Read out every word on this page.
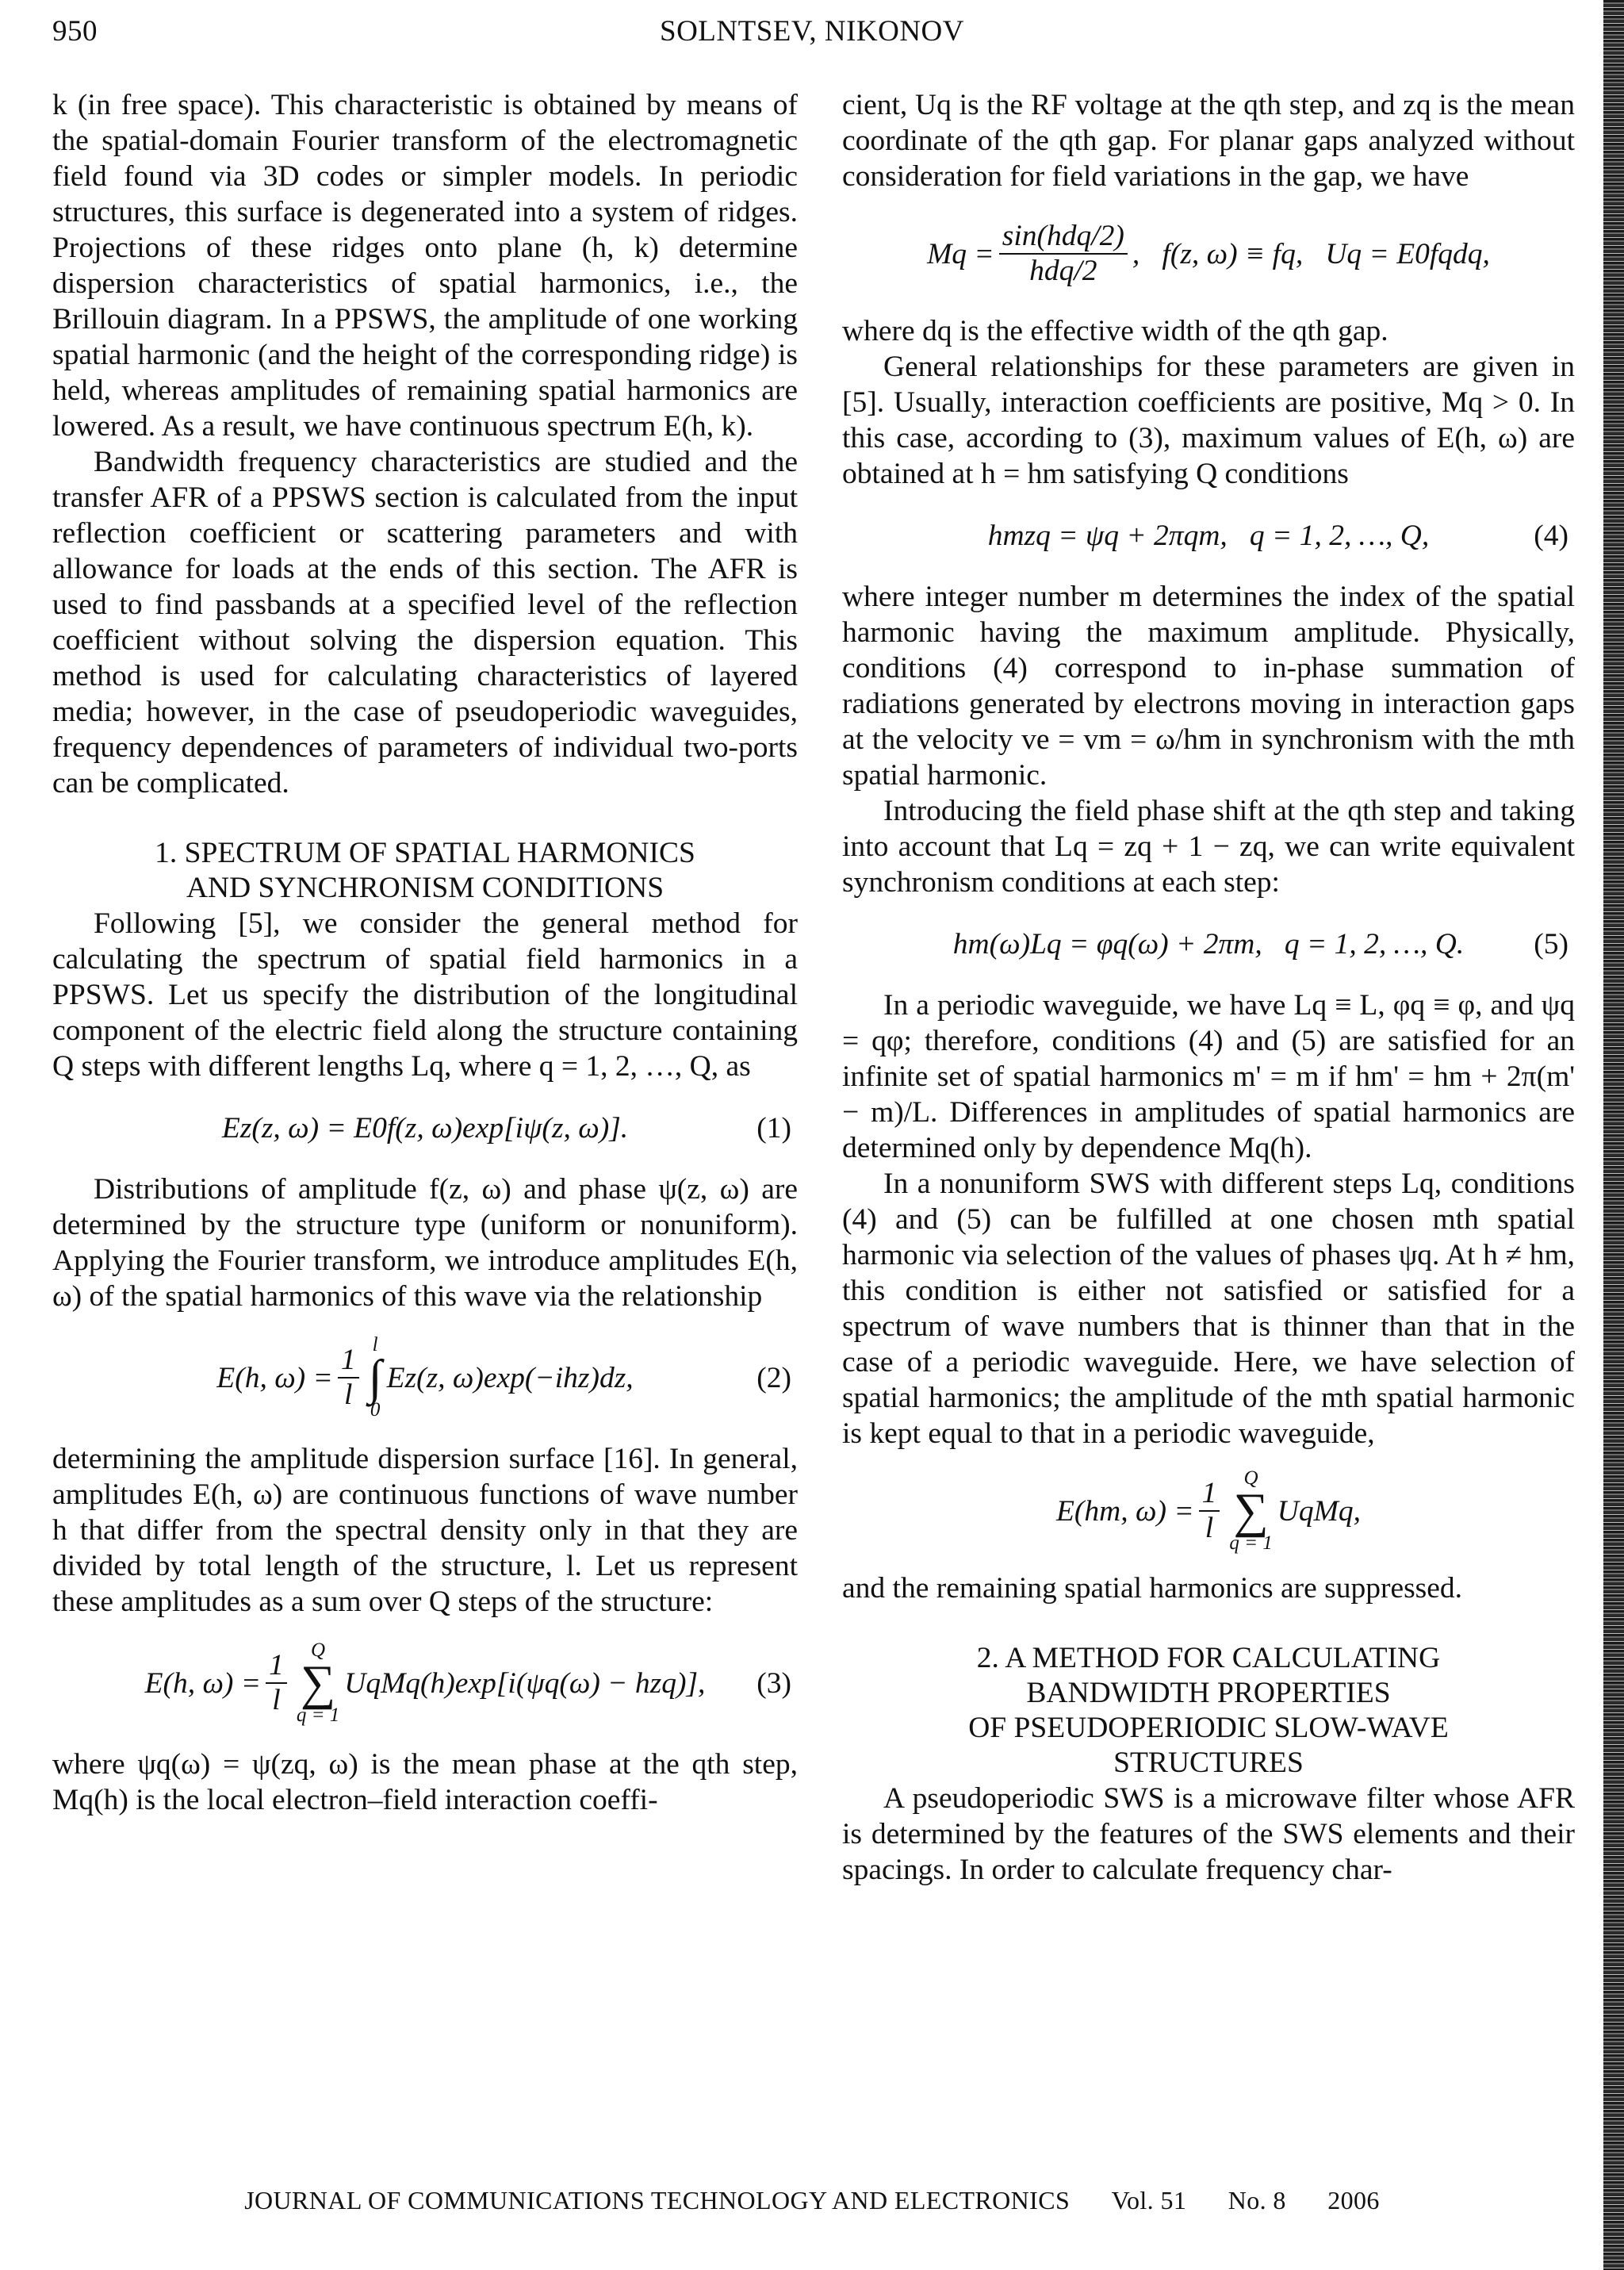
950	SOLNTSEV, NIKONOV

k (in free space). This characteristic is obtained by means of the spatial-domain Fourier transform of the electromagnetic field found via 3D codes or simpler models. In periodic structures, this surface is degenerated into a system of ridges. Projections of these ridges onto plane (h, k) determine dispersion characteristics of spatial harmonics, i.e., the Brillouin diagram. In a PPSWS, the amplitude of one working spatial harmonic (and the height of the corresponding ridge) is held, whereas amplitudes of remaining spatial harmonics are lowered. As a result, we have continuous spectrum E(h, k).

Bandwidth frequency characteristics are studied and the transfer AFR of a PPSWS section is calculated from the input reflection coefficient or scattering parameters and with allowance for loads at the ends of this section. The AFR is used to find passbands at a specified level of the reflection coefficient without solving the dispersion equation. This method is used for calculating characteristics of layered media; however, in the case of pseudoperiodic waveguides, frequency dependences of parameters of individual two-ports can be complicated.

1. SPECTRUM OF SPATIAL HARMONICS

AND SYNCHRONISM CONDITIONS

Following [5], we consider the general method for calculating the spectrum of spatial field harmonics in a PPSWS. Let us specify the distribution of the longitudinal component of the electric field along the structure containing Q steps with different lengths Lq, where q = 1, 2, …, Q, as

Ez(z, ω) = E0f(z, ω)exp[iψ(z, ω)].	(1)

Distributions of amplitude f(z, ω) and phase ψ(z, ω) are determined by the structure type (uniform or nonuniform). Applying the Fourier transform, we introduce amplitudes E(h, ω) of the spatial harmonics of this wave via the relationship

E(h, $\omega) = \frac{1}{l}$ l
∫
0
Ez(z, ω)exp(−ihz)dz,	(2)

determining the amplitude dispersion surface [16]. In general, amplitudes E(h, ω) are continuous functions of wave number h that differ from the spectral density only in that they are divided by total length of the structure, l. Let us represent these amplitudes as a sum over Q steps of the structure:

E(h, $\omega) = \frac{1}{l}$ Q
∑
q = 1
UqMq(h)exp[i(ψq(ω) − hzq)], (3)

where ψq(ω) = ψ(zq, ω) is the mean phase at the qth step, Mq(h) is the local electron–field interaction coeffi-

cient, Uq is the RF voltage at the qth step, and zq is the mean coordinate of the qth gap. For planar gaps analyzed without consideration for field variations in the gap, we have

$Mq = \frac{\text{sin(hdq/2)}}{\text{hdq/2}}$ ,   f(z, ω) ≡ fq,   Uq = E0fqdq,

where dq is the effective width of the qth gap.

General relationships for these parameters are given in [5]. Usually, interaction coefficients are positive, Mq > 0. In this case, according to (3), maximum values of E(h, ω) are obtained at h = hm satisfying Q conditions

hmzq = ψq + 2πqm,   q = 1, 2, …, Q,	(4)

where integer number m determines the index of the spatial harmonic having the maximum amplitude. Physically, conditions (4) correspond to in-phase summation of radiations generated by electrons moving in interaction gaps at the velocity ve = vm = ω/hm in synchronism with the mth spatial harmonic.

Introducing the field phase shift at the qth step and taking into account that Lq = zq + 1 − zq, we can write equivalent synchronism conditions at each step:

hm(ω)Lq = φq(ω) + 2πm,   q = 1, 2, …, Q. (5)

In a periodic waveguide, we have Lq ≡ L, φq ≡ φ, and ψq = qφ; therefore, conditions (4) and (5) are satisfied for an infinite set of spatial harmonics m' = m if hm' = hm + 2π(m' − m)/L. Differences in amplitudes of spatial harmonics are determined only by dependence Mq(h).

In a nonuniform SWS with different steps Lq, conditions (4) and (5) can be fulfilled at one chosen mth spatial harmonic via selection of the values of phases ψq. At h ≠ hm, this condition is either not satisfied or satisfied for a spectrum of wave numbers that is thinner than that in the case of a periodic waveguide. Here, we have selection of spatial harmonics; the amplitude of the mth spatial harmonic is kept equal to that in a periodic waveguide,

E(hm, $\omega) = \frac{1}{l}$ Q
∑
q = 1
UqMq,

and the remaining spatial harmonics are suppressed.

2. A METHOD FOR CALCULATING

BANDWIDTH PROPERTIES

OF PSEUDOPERIODIC SLOW-WAVE

STRUCTURES

A pseudoperiodic SWS is a microwave filter whose AFR is determined by the features of the SWS elements and their spacings. In order to calculate frequency char-

JOURNAL OF COMMUNICATIONS TECHNOLOGY AND ELECTRONICS Vol. 51 No. 8 2006
